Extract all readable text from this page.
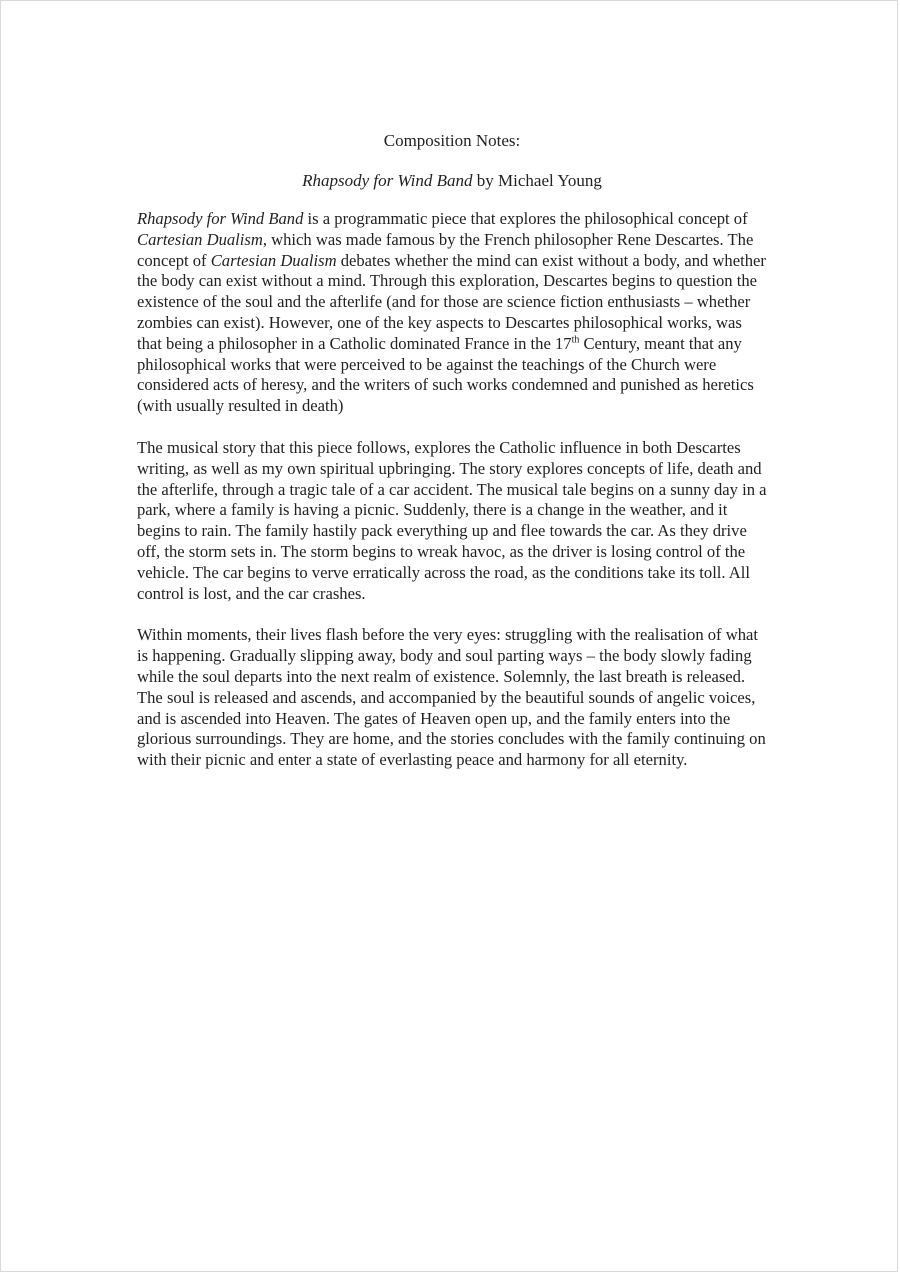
Composition Notes:

Rhapsody for Wind Band by Michael Young

Rhapsody for Wind Band is a programmatic piece that explores the philosophical concept of Cartesian Dualism, which was made famous by the French philosopher Rene Descartes. The concept of Cartesian Dualism debates whether the mind can exist without a body, and whether the body can exist without a mind. Through this exploration, Descartes begins to question the existence of the soul and the afterlife (and for those are science fiction enthusiasts – whether zombies can exist). However, one of the key aspects to Descartes philosophical works, was that being a philosopher in a Catholic dominated France in the 17th Century, meant that any philosophical works that were perceived to be against the teachings of the Church were considered acts of heresy, and the writers of such works condemned and punished as heretics (with usually resulted in death)

The musical story that this piece follows, explores the Catholic influence in both Descartes writing, as well as my own spiritual upbringing. The story explores concepts of life, death and the afterlife, through a tragic tale of a car accident. The musical tale begins on a sunny day in a park, where a family is having a picnic. Suddenly, there is a change in the weather, and it begins to rain. The family hastily pack everything up and flee towards the car. As they drive off, the storm sets in. The storm begins to wreak havoc, as the driver is losing control of the vehicle. The car begins to verve erratically across the road, as the conditions take its toll. All control is lost, and the car crashes.

Within moments, their lives flash before the very eyes: struggling with the realisation of what is happening. Gradually slipping away, body and soul parting ways – the body slowly fading while the soul departs into the next realm of existence. Solemnly, the last breath is released. The soul is released and ascends, and accompanied by the beautiful sounds of angelic voices, and is ascended into Heaven. The gates of Heaven open up, and the family enters into the glorious surroundings. They are home, and the stories concludes with the family continuing on with their picnic and enter a state of everlasting peace and harmony for all eternity.
